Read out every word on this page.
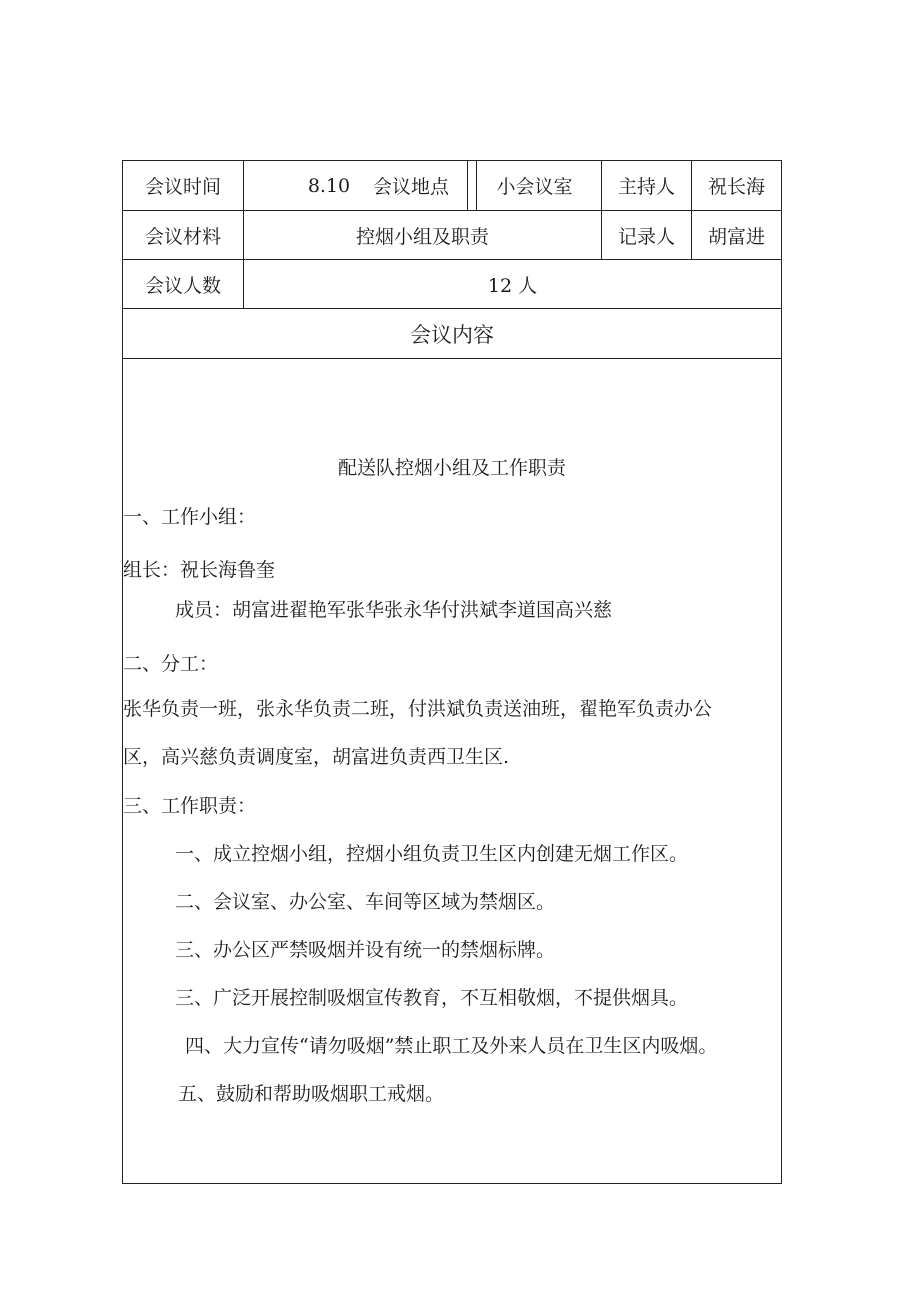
会议时间	8.10	会议地点	小会议室	主持人	祝长海
会议材料	控烟小组及职责	记录人	胡富进
会议人数	12 人
会议内容
配送队控烟小组及工作职责
一、工作小组：
组长：祝长海鲁奎
成员：胡富进翟艳军张华张永华付洪斌李道国高兴慈
二、分工：
张华负责一班，张永华负责二班，付洪斌负责送油班，翟艳军负责办公
区，高兴慈负责调度室，胡富进负责西卫生区.
三、工作职责：
一、成立控烟小组，控烟小组负责卫生区内创建无烟工作区。
二、会议室、办公室、车间等区域为禁烟区。
三、办公区严禁吸烟并设有统一的禁烟标牌。
三、广泛开展控制吸烟宣传教育，不互相敬烟，不提供烟具。
四、大力宣传“请勿吸烟”禁止职工及外来人员在卫生区内吸烟。
五、鼓励和帮助吸烟职工戒烟。
